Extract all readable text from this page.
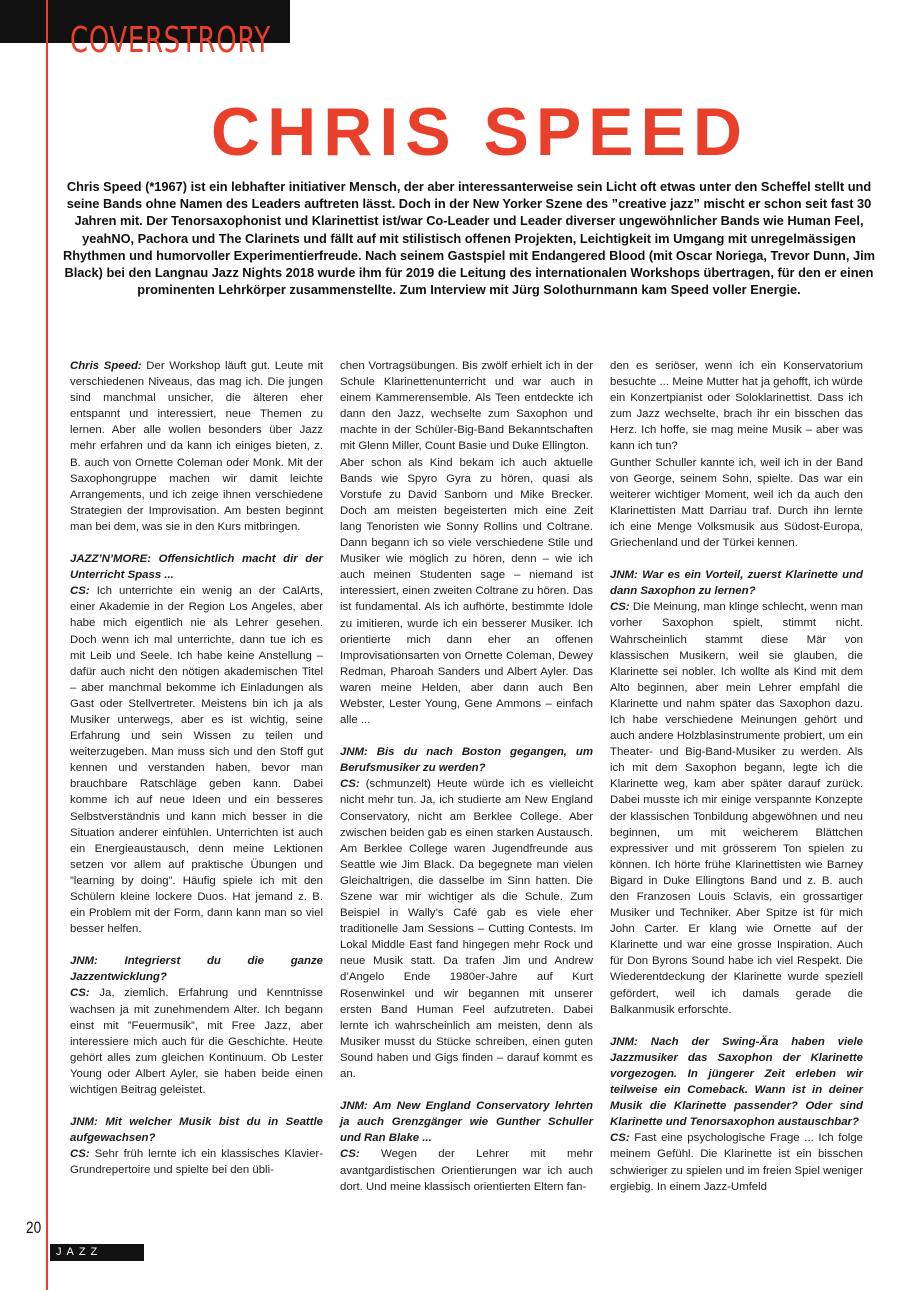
COVERSTRORY
CHRIS SPEED

Chris Speed (*1967) ist ein lebhafter initiativer Mensch, der aber interessanterweise sein Licht oft etwas unter den Scheffel stellt und seine Bands ohne Namen des Leaders auftreten lässt. Doch in der New Yorker Szene des ”creative jazz” mischt er schon seit fast 30 Jahren mit. Der Tenorsaxophonist und Klarinettist ist/war Co-Leader und Leader diverser ungewöhnlicher Bands wie Human Feel, yeahNO, Pachora und The Clarinets und fällt auf mit stilistisch offenen Projekten, Leichtigkeit im Umgang mit unregelmässigen Rhythmen und humorvoller Experimentierfreude. Nach seinem Gastspiel mit Endangered Blood (mit Oscar Noriega, Trevor Dunn, Jim Black) bei den Langnau Jazz Nights 2018 wurde ihm für 2019 die Leitung des internationalen Workshops übertragen, für den er einen prominenten Lehrkörper zusammenstellte. Zum Interview mit Jürg Solothurnmann kam Speed voller Energie.

Chris Speed: Der Workshop läuft gut. Leute mit verschiedenen Niveaus, das mag ich. Die jungen sind manchmal unsicher, die älteren eher entspannt und interessiert, neue Themen zu lernen. Aber alle wollen besonders über Jazz mehr erfahren und da kann ich einiges bieten, z. B. auch von Ornette Coleman oder Monk. Mit der Saxophongruppe machen wir damit leichte Arrangements, und ich zeige ihnen verschiedene Strategien der Improvisation. Am besten beginnt man bei dem, was sie in den Kurs mitbringen.

JAZZ’N’MORE: Offensichtlich macht dir der Unterricht Spass ...

CS: Ich unterrichte ein wenig an der CalArts, einer Akademie in der Region Los Angeles, aber habe mich eigentlich nie als Lehrer gesehen. Doch wenn ich mal unterrichte, dann tue ich es mit Leib und Seele. Ich habe keine Anstellung – dafür auch nicht den nötigen akademischen Titel – aber manchmal bekomme ich Einladungen als Gast oder Stellvertreter. Meistens bin ich ja als Musiker unterwegs, aber es ist wichtig, seine Erfahrung und sein Wissen zu teilen und weiterzugeben. Man muss sich und den Stoff gut kennen und verstanden haben, bevor man brauchbare Ratschläge geben kann. Dabei komme ich auf neue Ideen und ein besseres Selbstverständnis und kann mich besser in die Situation anderer einfühlen. Unterrichten ist auch ein Energieaustausch, denn meine Lektionen setzen vor allem auf praktische Übungen und ”learning by doing”. Häufig spiele ich mit den Schülern kleine lockere Duos. Hat jemand z. B. ein Problem mit der Form, dann kann man so viel besser helfen.

JNM: Integrierst du die ganze Jazzentwicklung?

CS: Ja, ziemlich. Erfahrung und Kenntnisse wachsen ja mit zunehmendem Alter. Ich begann einst mit ”Feuermusik”, mit Free Jazz, aber interessiere mich auch für die Geschichte. Heute gehört alles zum gleichen Kontinuum. Ob Lester Young oder Albert Ayler, sie haben beide einen wichtigen Beitrag geleistet.

JNM: Mit welcher Musik bist du in Seattle aufgewachsen?

CS: Sehr früh lernte ich ein klassisches Klavier-Grundrepertoire und spielte bei den übli-

chen Vortragsübungen. Bis zwölf erhielt ich in der Schule Klarinettenunterricht und war auch in einem Kammerensemble. Als Teen entdeckte ich dann den Jazz, wechselte zum Saxophon und machte in der Schüler-Big-Band Bekanntschaften mit Glenn Miller, Count Basie und Duke Ellington.

Aber schon als Kind bekam ich auch aktuelle Bands wie Spyro Gyra zu hören, quasi als Vorstufe zu David Sanborn und Mike Brecker. Doch am meisten begeisterten mich eine Zeit lang Tenoristen wie Sonny Rollins und Coltrane. Dann begann ich so viele verschiedene Stile und Musiker wie möglich zu hören, denn – wie ich auch meinen Studenten sage – niemand ist interessiert, einen zweiten Coltrane zu hören. Das ist fundamental. Als ich aufhörte, bestimmte Idole zu imitieren, wurde ich ein besserer Musiker. Ich orientierte mich dann eher an offenen Improvisationsarten von Ornette Coleman, Dewey Redman, Pharoah Sanders und Albert Ayler. Das waren meine Helden, aber dann auch Ben Webster, Lester Young, Gene Ammons – einfach alle ...

JNM: Bis du nach Boston gegangen, um Berufsmusiker zu werden?

CS: (schmunzelt) Heute würde ich es vielleicht nicht mehr tun. Ja, ich studierte am New England Conservatory, nicht am Berklee College. Aber zwischen beiden gab es einen starken Austausch. Am Berklee College waren Jugendfreunde aus Seattle wie Jim Black. Da begegnete man vielen Gleichaltrigen, die dasselbe im Sinn hatten. Die Szene war mir wichtiger als die Schule. Zum Beispiel in Wally’s Café gab es viele eher traditionelle Jam Sessions – Cutting Contests. Im Lokal Middle East fand hingegen mehr Rock und neue Musik statt. Da trafen Jim und Andrew d’Angelo Ende 1980er-Jahre auf Kurt Rosenwinkel und wir begannen mit unserer ersten Band Human Feel aufzutreten. Dabei lernte ich wahrscheinlich am meisten, denn als Musiker musst du Stücke schreiben, einen guten Sound haben und Gigs finden – darauf kommt es an.

JNM: Am New England Conservatory lehrten ja auch Grenzgänger wie Gunther Schuller und Ran Blake ...

CS: Wegen der Lehrer mit mehr avantgardistischen Orientierungen war ich auch dort. Und meine klassisch orientierten Eltern fan-

den es seriöser, wenn ich ein Konservatorium besuchte ... Meine Mutter hat ja gehofft, ich würde ein Konzertpianist oder Soloklarinettist. Dass ich zum Jazz wechselte, brach ihr ein bisschen das Herz. Ich hoffe, sie mag meine Musik – aber was kann ich tun?

Gunther Schuller kannte ich, weil ich in der Band von George, seinem Sohn, spielte. Das war ein weiterer wichtiger Moment, weil ich da auch den Klarinettisten Matt Darriau traf. Durch ihn lernte ich eine Menge Volksmusik aus Südost-Europa, Griechenland und der Türkei kennen.

JNM: War es ein Vorteil, zuerst Klarinette und dann Saxophon zu lernen?

CS: Die Meinung, man klinge schlecht, wenn man vorher Saxophon spielt, stimmt nicht. Wahrscheinlich stammt diese Mär von klassischen Musikern, weil sie glauben, die Klarinette sei nobler. Ich wollte als Kind mit dem Alto beginnen, aber mein Lehrer empfahl die Klarinette und nahm später das Saxophon dazu. Ich habe verschiedene Meinungen gehört und auch andere Holzblasinstrumente probiert, um ein Theater- und Big-Band-Musiker zu werden. Als ich mit dem Saxophon begann, legte ich die Klarinette weg, kam aber später darauf zurück. Dabei musste ich mir einige verspannte Konzepte der klassischen Tonbildung abgewöhnen und neu beginnen, um mit weicherem Blättchen expressiver und mit grösserem Ton spielen zu können. Ich hörte frühe Klarinettisten wie Barney Bigard in Duke Ellingtons Band und z. B. auch den Franzosen Louis Sclavis, ein grossartiger Musiker und Techniker. Aber Spitze ist für mich John Carter. Er klang wie Ornette auf der Klarinette und war eine grosse Inspiration. Auch für Don Byrons Sound habe ich viel Respekt. Die Wiederentdeckung der Klarinette wurde speziell gefördert, weil ich damals gerade die Balkanmusik erforschte.

JNM: Nach der Swing-Ära haben viele Jazzmusiker das Saxophon der Klarinette vorgezogen. In jüngerer Zeit erleben wir teilweise ein Comeback. Wann ist in deiner Musik die Klarinette passender? Oder sind Klarinette und Tenorsaxophon austauschbar?

CS: Fast eine psychologische Frage ... Ich folge meinem Gefühl. Die Klarinette ist ein bisschen schwieriger zu spielen und im freien Spiel weniger ergiebig. In einem Jazz-Umfeld

20
JAZZ
